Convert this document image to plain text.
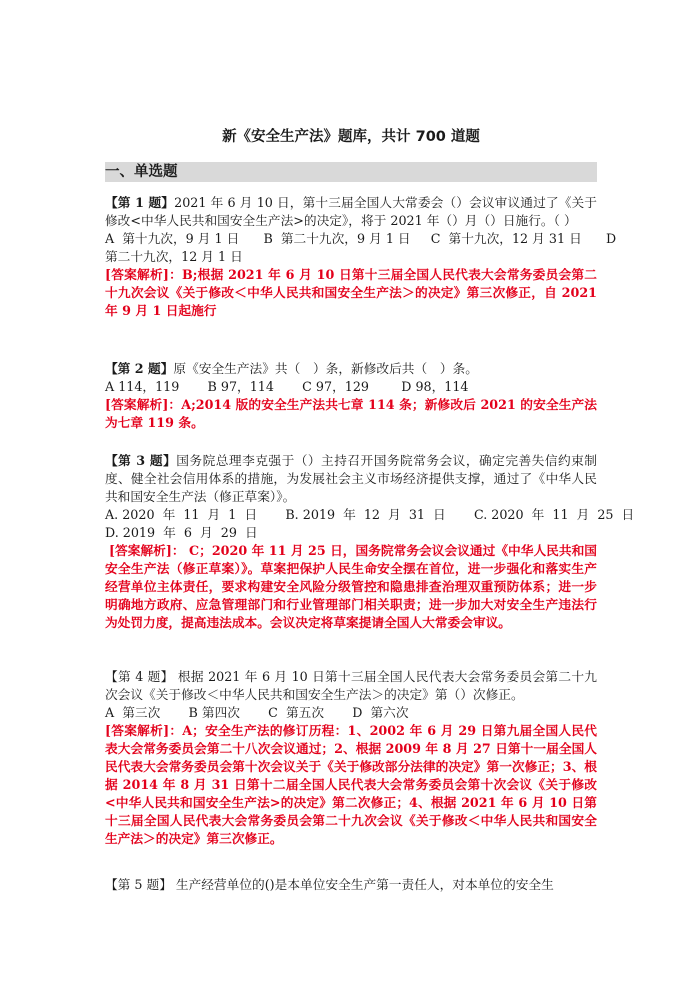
新《安全生产法》题库，共计 700 道题
一、单选题

【第 1 题】2021 年 6 月 10 日，第十三届全国人大常委会（）会议审议通过了《关于修改<中华人民共和国安全生产法>的决定》，将于 2021 年（）月（）日施行。（ ）

A  第十九次，9 月 1 日      B  第二十九次，9 月 1 日     C  第十九次，12 月 31 日      D

第二十九次，12 月 1 日

[答案解析]：B;根据 2021 年 6 月 10 日第十三届全国人民代表大会常务委员会第二十九次会议《关于修改＜中华人民共和国安全生产法＞的决定》第三次修正，自 2021 年 9 月 1 日起施行

【第 2 题】原《安全生产法》共（　）条，新修改后共（　）条。

A 114，119       B 97，114       C 97，129        D 98，114

[答案解析]：A;2014 版的安全生产法共七章 114 条；新修改后 2021 的安全生产法为七章 119 条。

【第 3 题】国务院总理李克强于（）主持召开国务院常务会议，确定完善失信约束制度、健全社会信用体系的措施，为发展社会主义市场经济提供支撑，通过了《中华人民共和国安全生产法（修正草案）》。

A. 2020  年  11  月  1  日       B. 2019  年  12  月  31  日       C. 2020  年  11  月  25  日

D. 2019  年  6  月  29  日

[答案解析]： C；2020 年 11 月 25 日，国务院常务会议会议通过《中华人民共和国安全生产法（修正草案）》。草案把保护人民生命安全摆在首位，进一步强化和落实生产经营单位主体责任，要求构建安全风险分级管控和隐患排查治理双重预防体系；进一步明确地方政府、应急管理部门和行业管理部门相关职责；进一步加大对安全生产违法行为处罚力度，提高违法成本。会议决定将草案提请全国人大常委会审议。

【第 4 题】 根据 2021 年 6 月 10 日第十三届全国人民代表大会常务委员会第二十九次会议《关于修改＜中华人民共和国安全生产法＞的决定》第（）次修正。

A  第三次       B 第四次       C  第五次       D  第六次

[答案解析]：A；安全生产法的修订历程：1、2002 年 6 月 29 日第九届全国人民代表大会常务委员会第二十八次会议通过；2、根据 2009 年 8 月 27 日第十一届全国人民代表大会常务委员会第十次会议关于《关于修改部分法律的决定》第一次修正；3、根据 2014 年 8 月 31 日第十二届全国人民代表大会常务委员会第十次会议《关于修改<中华人民共和国安全生产法>的决定》第二次修正；4、根据 2021 年 6 月 10 日第十三届全国人民代表大会常务委员会第二十九次会议《关于修改＜中华人民共和国安全生产法＞的决定》第三次修正。

【第 5 题】 生产经营单位的()是本单位安全生产第一责任人，对本单位的安全生
